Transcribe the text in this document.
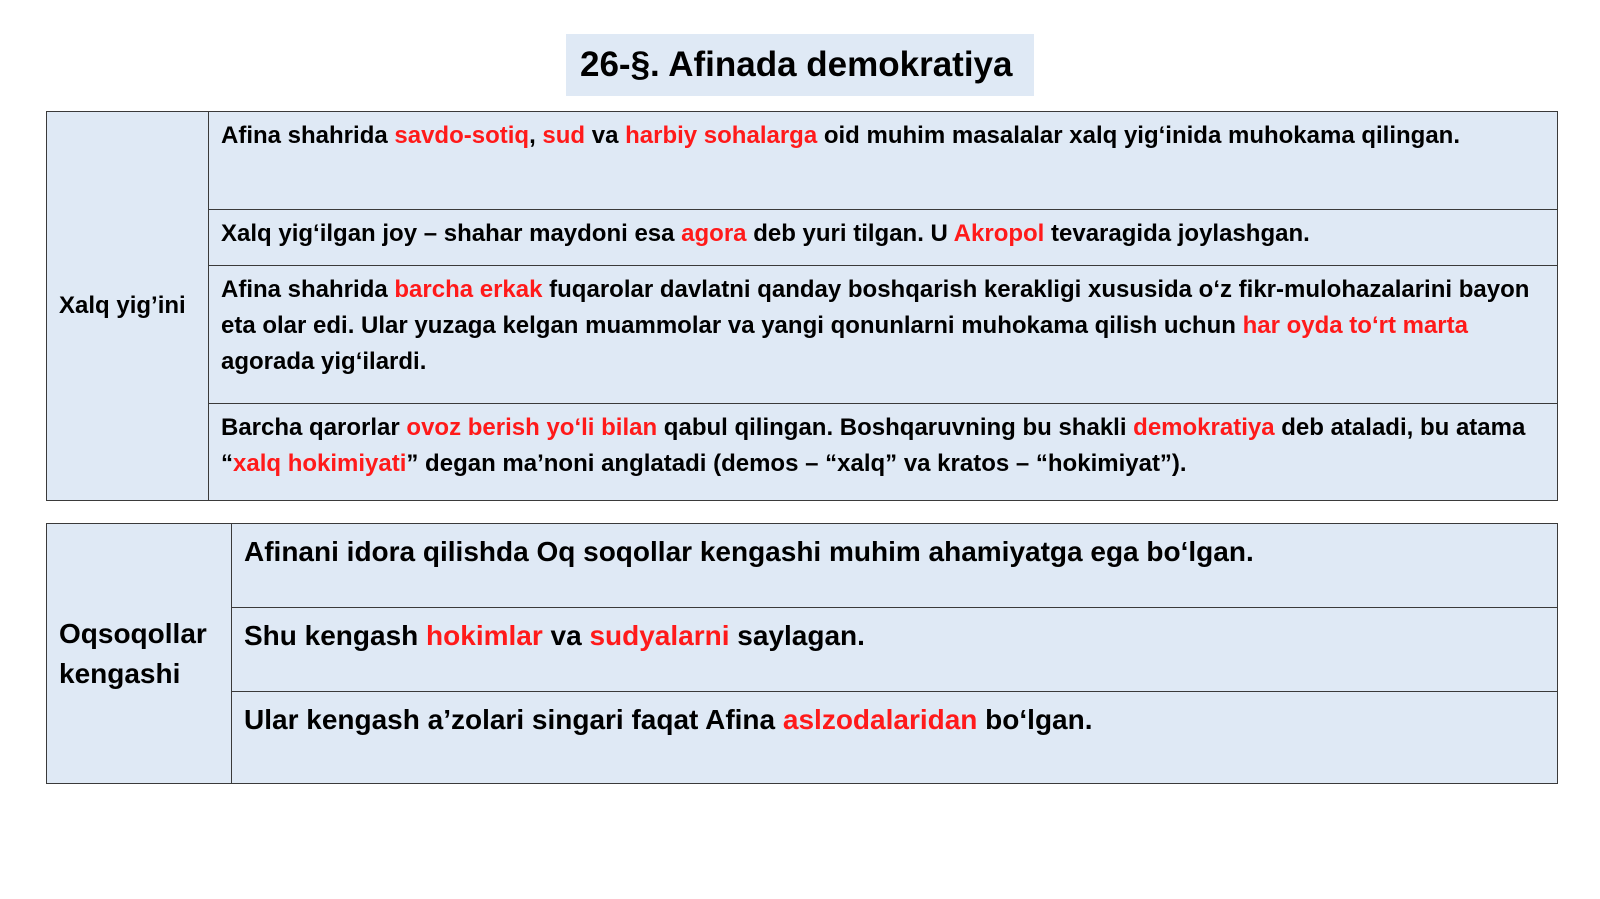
26-§. Afinada demokratiya
Xalq yig’ini	Afina shahrida savdo-sotiq, sud va harbiy sohalarga oid muhim masalalar xalq yig‘inida muhokama qilingan.
Xalq yig‘ilgan joy – shahar maydoni esa agora deb yuri tilgan. U Akropol tevaragida joylashgan.
Afina shahrida barcha erkak fuqarolar davlatni qanday boshqarish kerakligi xususida o‘z fikr-mulohazalarini bayon eta olar edi. Ular yuzaga kelgan muammolar va yangi qonunlarni muhokama qilish uchun har oyda to‘rt marta agorada yig‘ilardi.
Barcha qarorlar ovoz berish yo‘li bilan qabul qilingan. Boshqaruvning bu shakli demokratiya deb ataladi, bu atama “xalq hokimiyati” degan ma’noni anglatadi (demos – “xalq” va kratos – “hokimiyat”).
Oqsoqollar kengashi	Afinani idora qilishda Oq soqollar kengashi muhim ahamiyatga ega bo‘lgan.
Shu kengash hokimlar va sudyalarni saylagan.
Ular kengash a’zolari singari faqat Afina aslzodalaridan bo‘lgan.
